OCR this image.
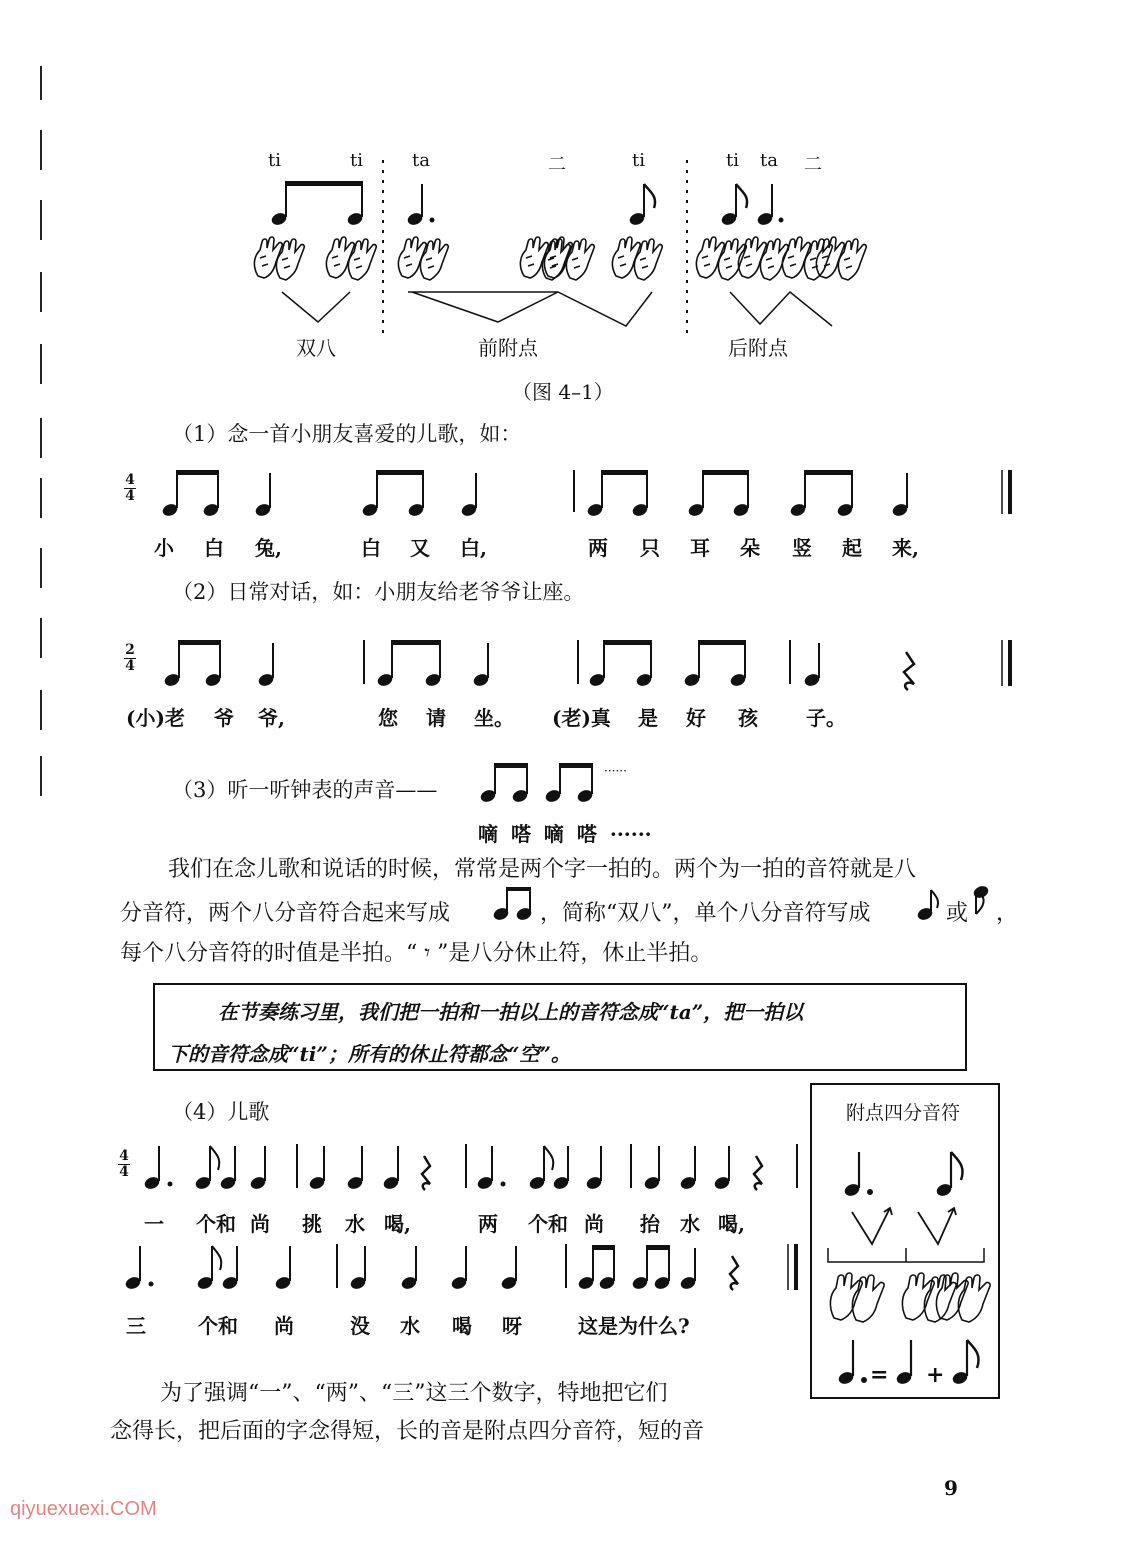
ti	ti	ta	二	ti	ti ta 二
双八	前附点	后附点
（图 4–1）
（1）念一首小朋友喜爱的儿歌，如：
4
4
小 白 兔,	白 又 白,	两 只 耳 朵 竖 起 来,
（2）日常对话，如：小朋友给老爷爷让座。
2
4
(小)老 爷 爷,	您 请 坐。 (老)真 是 好 孩 子。
（3）听一听钟表的声音——
······
嘀 嗒 嘀 嗒 ······
我们在念儿歌和说话的时候，常常是两个字一拍的。两个为一拍的音符就是八
分音符，两个八分音符合起来写成	，简称“双八”，单个八分音符写成	或 ，
每个八分音符的时值是半拍。“ 𝄾 ”是八分休止符，休止半拍。
在节奏练习里，我们把一拍和一拍以上的音符念成“ta”，把一拍以
下的音符念成“ti”；所有的休止符都念“空”。
（4）儿歌
4
4
一 个和 尚 挑 水 喝,	两 个和 尚 抬 水 喝,
三	个和 尚	没 水 喝 呀	这是为什么?
附点四分音符
= +
为了强调“一”、“两”、“三”这三个数字，特地把它们
念得长，把后面的字念得短，长的音是附点四分音符，短的音
9
qiyuexuexi.COM
